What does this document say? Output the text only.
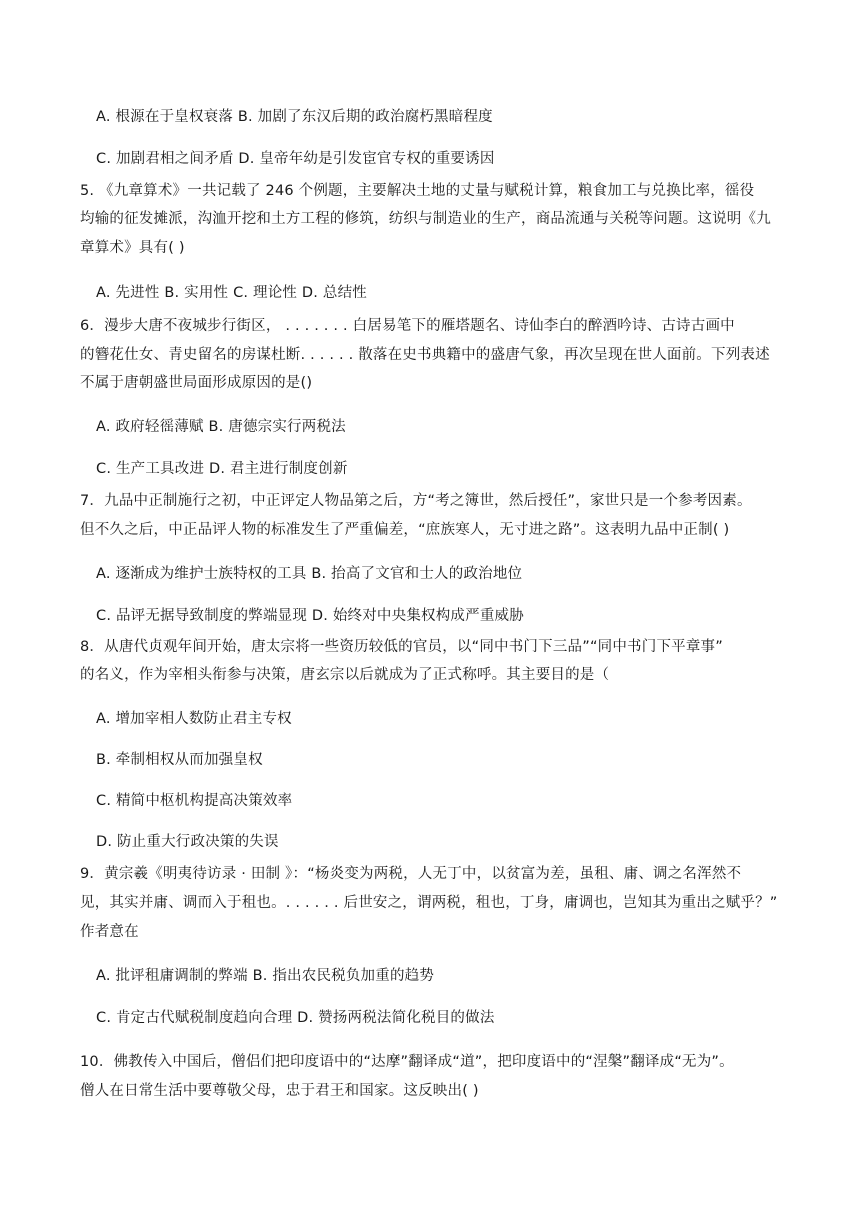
A. 根源在于皇权衰落 B. 加剧了东汉后期的政治腐朽黑暗程度
C. 加剧君相之间矛盾 D. 皇帝年幼是引发宦官专权的重要诱因
5. 《九章算术》一共记载了 246 个例题，主要解决土地的丈量与赋税计算，粮食加工与兑换比率，徭役
均输的征发摊派，沟洫开挖和土方工程的修筑，纺织与制造业的生产，商品流通与关税等问题。这说明《九
章算术》具有( )
A. 先进性 B. 实用性 C. 理论性 D. 总结性
6．漫步大唐不夜城步行街区， . . . . . . . 白居易笔下的雁塔题名、诗仙李白的醉酒吟诗、古诗古画中
的簪花仕女、青史留名的房谋杜断. . . . . . 散落在史书典籍中的盛唐气象，再次呈现在世人面前。下列表述
不属于唐朝盛世局面形成原因的是()
A. 政府轻徭薄赋 B. 唐德宗实行两税法
C. 生产工具改进 D. 君主进行制度创新
7．九品中正制施行之初，中正评定人物品第之后，方“考之簿世，然后授任”，家世只是一个参考因素。
但不久之后，中正品评人物的标准发生了严重偏差，“庶族寒人，无寸进之路”。这表明九品中正制( )
A. 逐渐成为维护士族特权的工具 B. 抬高了文官和士人的政治地位
C. 品评无据导致制度的弊端显现 D. 始终对中央集权构成严重威胁
8．从唐代贞观年间开始，唐太宗将一些资历较低的官员，以“同中书门下三品”“同中书门下平章事”
的名义，作为宰相头衔参与决策，唐玄宗以后就成为了正式称呼。其主要目的是（
A. 增加宰相人数防止君主专权
B. 牵制相权从而加强皇权
C. 精简中枢机构提高决策效率
D. 防止重大行政决策的失误
9．黄宗羲《明夷待访录 · 田制 》：“杨炎变为两税，人无丁中，以贫富为差，虽租、庸、调之名浑然不
见，其实并庸、调而入于租也。. . . . . . 后世安之，谓两税，租也，丁身，庸调也，岂知其为重出之赋乎？”
作者意在
A. 批评租庸调制的弊端 B. 指出农民税负加重的趋势
C. 肯定古代赋税制度趋向合理 D. 赞扬两税法简化税目的做法
10．佛教传入中国后，僧侣们把印度语中的“达摩”翻译成“道”，把印度语中的“涅槃”翻译成“无为”。
僧人在日常生活中要尊敬父母，忠于君王和国家。这反映出( )
